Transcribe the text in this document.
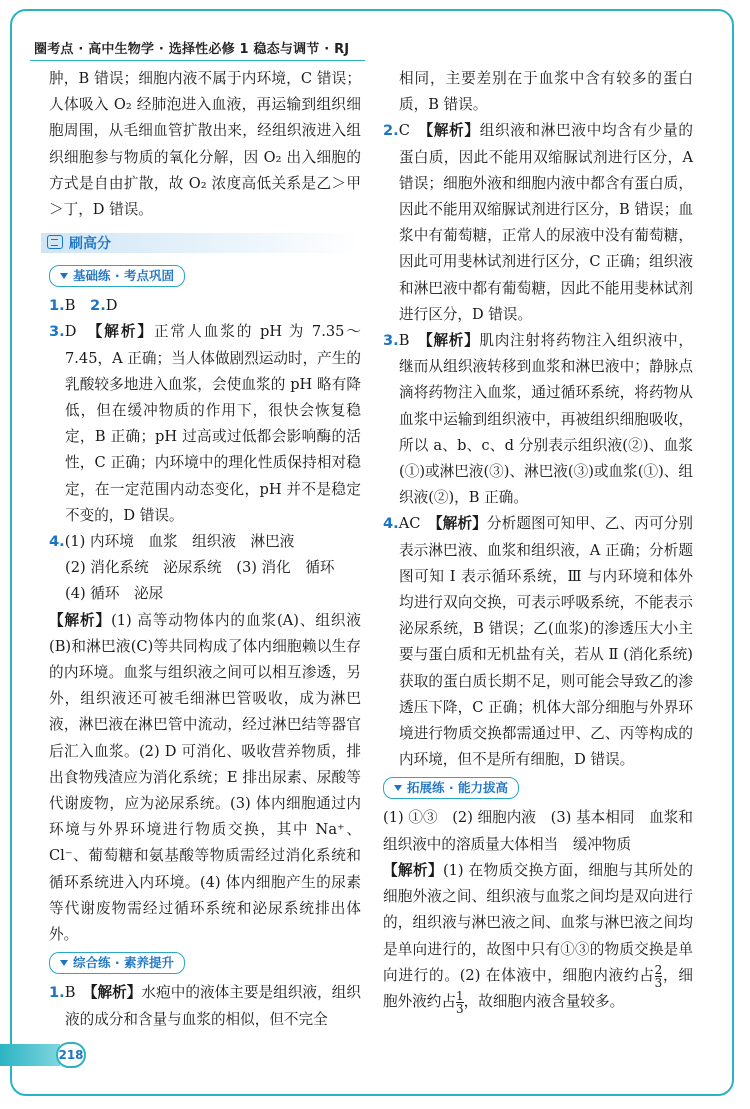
圈考点 · 高中生物学 · 选择性必修 1 稳态与调节 · RJ

肿，B 错误；细胞内液不属于内环境，C 错误；人体吸入 O₂ 经肺泡进入血液，再运输到组织细胞周围，从毛细血管扩散出来，经组织液进入组织细胞参与物质的氧化分解，因 O₂ 出入细胞的方式是自由扩散，故 O₂ 浓度高低关系是乙＞甲＞丁，D 错误。

刷高分
基础练 · 考点巩固

1.B　 2.D

3.D　 【解析】正常人血浆的 pH 为 7.35～7.45，A 正确；当人体做剧烈运动时，产生的乳酸较多地进入血浆，会使血浆的 pH 略有降低，但在缓冲物质的作用下，很快会恢复稳定，B 正确；pH 过高或过低都会影响酶的活性，C 正确；内环境中的理化性质保持相对稳定，在一定范围内动态变化，pH 并不是稳定不变的，D 错误。

4.(1) 内环境　血浆　组织液　淋巴液

(2) 消化系统　泌尿系统　(3) 消化　循环

(4) 循环　泌尿

【解析】(1) 高等动物体内的血浆(A)、组织液(B)和淋巴液(C)等共同构成了体内细胞赖以生存的内环境。血浆与组织液之间可以相互渗透，另外，组织液还可被毛细淋巴管吸收，成为淋巴液，淋巴液在淋巴管中流动，经过淋巴结等器官后汇入血浆。(2) D 可消化、吸收营养物质，排出食物残渣应为消化系统；E 排出尿素、尿酸等代谢废物，应为泌尿系统。(3) 体内细胞通过内环境与外界环境进行物质交换，其中 Na⁺、Cl⁻、葡萄糖和氨基酸等物质需经过消化系统和循环系统进入内环境。(4) 体内细胞产生的尿素等代谢废物需经过循环系统和泌尿系统排出体外。

综合练 · 素养提升

1.B　 【解析】水疱中的液体主要是组织液，组织液的成分和含量与血浆的相似，但不完全

相同，主要差别在于血浆中含有较多的蛋白质，B 错误。

2.C　 【解析】组织液和淋巴液中均含有少量的蛋白质，因此不能用双缩脲试剂进行区分，A 错误；细胞外液和细胞内液中都含有蛋白质，因此不能用双缩脲试剂进行区分，B 错误；血浆中有葡萄糖，正常人的尿液中没有葡萄糖，因此可用斐林试剂进行区分，C 正确；组织液和淋巴液中都有葡萄糖，因此不能用斐林试剂进行区分，D 错误。

3.B　 【解析】肌肉注射将药物注入组织液中，继而从组织液转移到血浆和淋巴液中；静脉点滴将药物注入血浆，通过循环系统，将药物从血浆中运输到组织液中，再被组织细胞吸收，所以 a、b、c、d 分别表示组织液(②)、血浆(①)或淋巴液(③)、淋巴液(③)或血浆(①)、组织液(②)，B 正确。

4.AC　 【解析】分析题图可知甲、乙、丙可分别表示淋巴液、血浆和组织液，A 正确；分析题图可知 Ⅰ 表示循环系统，Ⅲ 与内环境和体外均进行双向交换，可表示呼吸系统，不能表示泌尿系统，B 错误；乙(血浆)的渗透压大小主要与蛋白质和无机盐有关，若从 Ⅱ (消化系统)获取的蛋白质长期不足，则可能会导致乙的渗透压下降，C 正确；机体大部分细胞与外界环境进行物质交换都需通过甲、乙、丙等构成的内环境，但不是所有细胞，D 错误。

拓展练 · 能力拔高

(1) ①③　(2) 细胞内液　(3) 基本相同　血浆和组织液中的溶质量大体相当　缓冲物质

【解析】(1) 在物质交换方面，细胞与其所处的细胞外液之间、组织液与血浆之间均是双向进行的，组织液与淋巴液之间、血浆与淋巴液之间均是单向进行的，故图中只有①③的物质交换是单向进行的。(2) 在体液中，细胞内液约占 $\frac{2}{3}$ ，细胞外液约占 $\frac{1}{3}$ ，故细胞内液含量较多。

218
